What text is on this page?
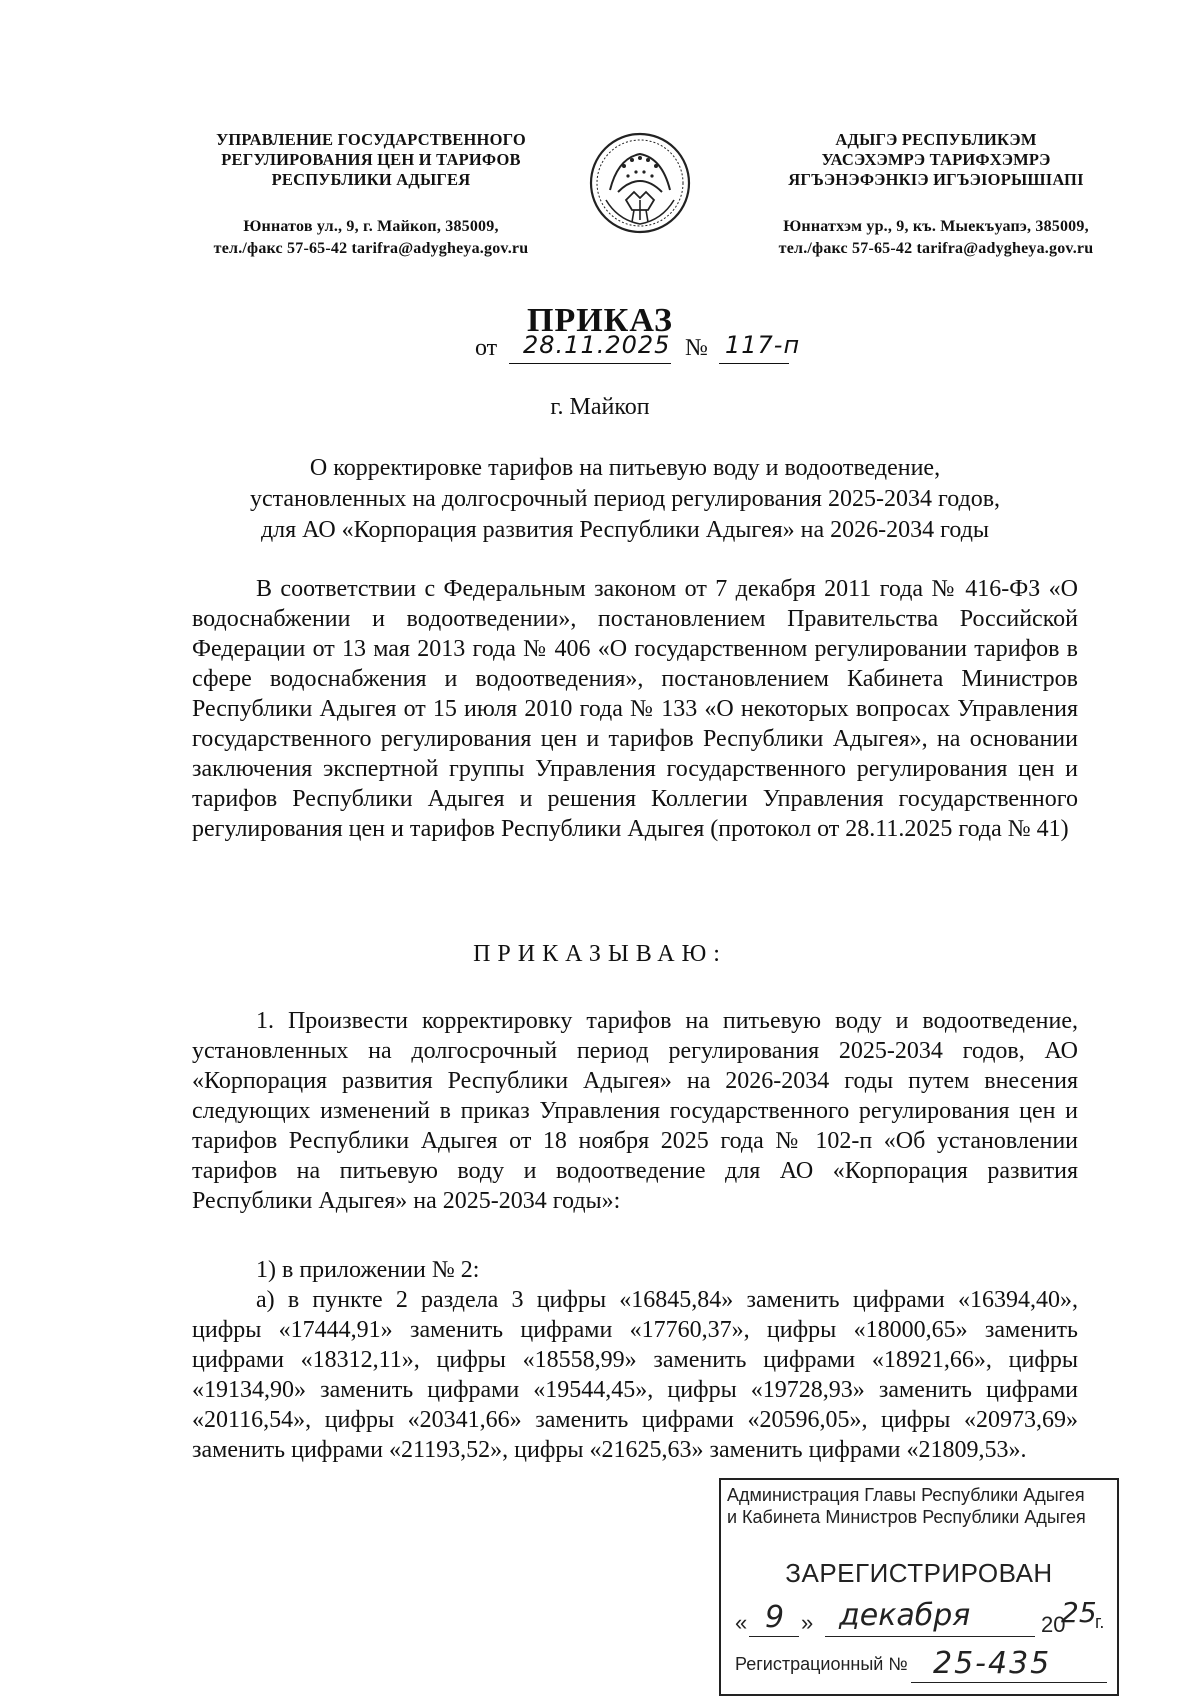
УПРАВЛЕНИЕ ГОСУДАРСТВЕННОГО
РЕГУЛИРОВАНИЯ ЦЕН И ТАРИФОВ
РЕСПУБЛИКИ АДЫГЕЯ
Юннатов ул., 9, г. Майкоп, 385009,
тел./факс 57-65-42 tarifra@adygheya.gov.ru
АДЫГЭ РЕСПУБЛИКЭМ
УАСЭХЭМРЭ ТАРИФХЭМРЭ
ЯГЪЭНЭФЭНКIЭ ИГЪЭIОРЫШIАПI
Юннатхэм ур., 9, къ. Мыекъуапэ, 385009,
тел./факс 57-65-42 tarifra@adygheya.gov.ru
ПРИКАЗ
от 28.11.2025 № 117-п
г. Майкоп
О корректировке тарифов на питьевую воду и водоотведение,
установленных на долгосрочный период регулирования 2025-2034 годов,
для АО «Корпорация развития Республики Адыгея» на 2026-2034 годы
В соответствии с Федеральным законом от 7 декабря 2011 года № 416-ФЗ «О водоснабжении и водоотведении», постановлением Правительства Российской Федерации от 13 мая 2013 года № 406 «О государственном регулировании тарифов в сфере водоснабжения и водоотведения», постановлением Кабинета Министров Республики Адыгея от 15 июля 2010 года № 133 «О некоторых вопросах Управления государственного регулирования цен и тарифов Республики Адыгея», на основании заключения экспертной группы Управления государственного регулирования цен и тарифов Республики Адыгея и решения Коллегии Управления государственного регулирования цен и тарифов Республики Адыгея (протокол от 28.11.2025 года № 41)
ПРИКАЗЫВАЮ:
1. Произвести корректировку тарифов на питьевую воду и водоотведение, установленных на долгосрочный период регулирования 2025-2034 годов, АО «Корпорация развития Республики Адыгея» на 2026-2034 годы путем внесения следующих изменений в приказ Управления государственного регулирования цен и тарифов Республики Адыгея от 18 ноября 2025 года № 102-п «Об установлении тарифов на питьевую воду и водоотведение для АО «Корпорация развития Республики Адыгея» на 2025-2034 годы»:
1) в приложении № 2:
а) в пункте 2 раздела 3 цифры «16845,84» заменить цифрами «16394,40», цифры «17444,91» заменить цифрами «17760,37», цифры «18000,65» заменить цифрами «18312,11», цифры «18558,99» заменить цифрами «18921,66», цифры «19134,90» заменить цифрами «19544,45», цифры «19728,93» заменить цифрами «20116,54», цифры «20341,66» заменить цифрами «20596,05», цифры «20973,69» заменить цифрами «21193,52», цифры «21625,63» заменить цифрами «21809,53».
Администрация Главы Республики Адыгея
и Кабинета Министров Республики Адыгея
ЗАРЕГИСТРИРОВАН
« 9 » декабря	20
25
г.
Регистрационный № 25-435
